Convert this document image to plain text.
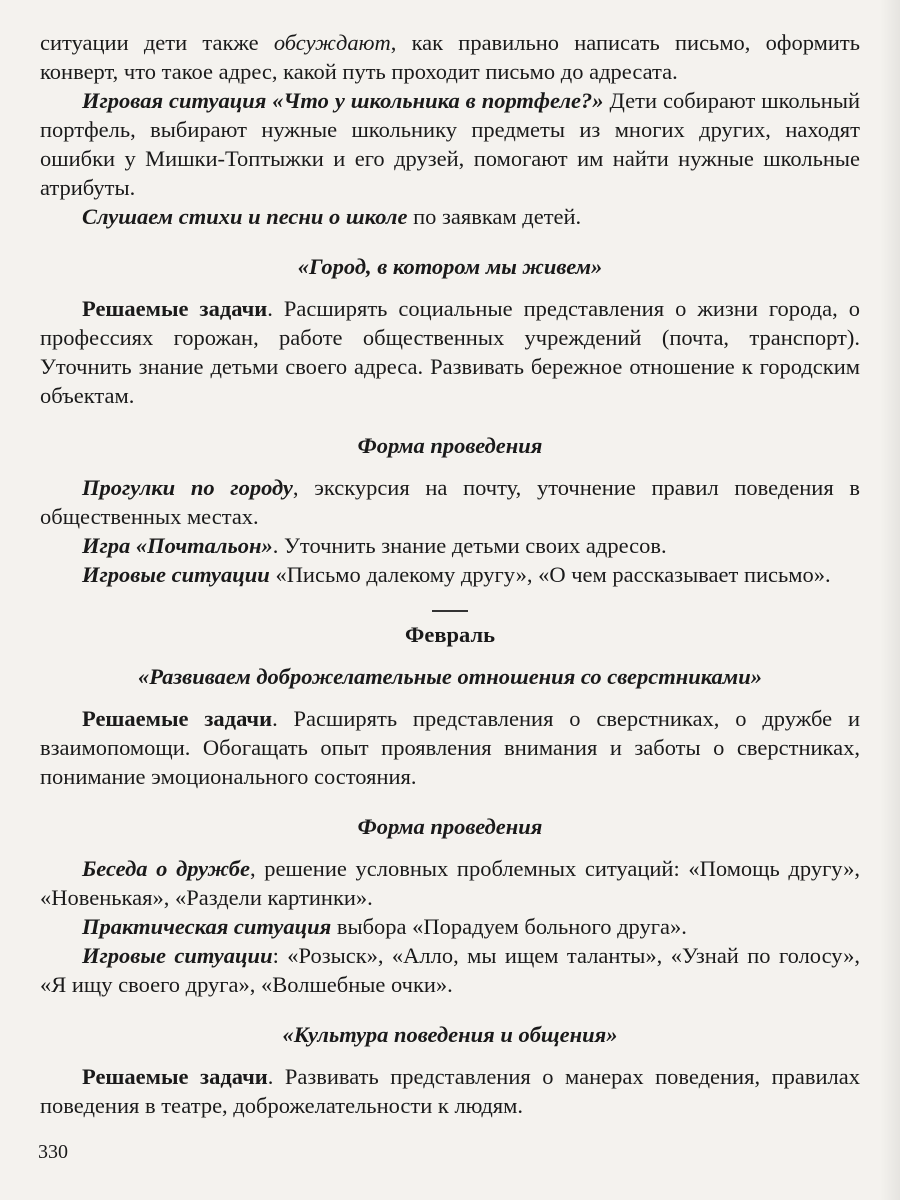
ситуации дети также обсуждают, как правильно написать письмо, оформить конверт, что такое адрес, какой путь проходит письмо до адресата.

Игровая ситуация «Что у школьника в портфеле?» Дети собирают школьный портфель, выбирают нужные школьнику предметы из многих других, находят ошибки у Мишки-Топтыжки и его друзей, помогают им найти нужные школьные атрибуты.

Слушаем стихи и песни о школе по заявкам детей.

«Город, в котором мы живем»

Решаемые задачи. Расширять социальные представления о жизни города, о профессиях горожан, работе общественных учреждений (почта, транспорт). Уточнить знание детьми своего адреса. Развивать бережное отношение к городским объектам.

Форма проведения

Прогулки по городу, экскурсия на почту, уточнение правил поведения в общественных местах.

Игра «Почтальон». Уточнить знание детьми своих адресов.

Игровые ситуации «Письмо далекому другу», «О чем рассказывает письмо».

Февраль
«Развиваем доброжелательные отношения со сверстниками»

Решаемые задачи. Расширять представления о сверстниках, о дружбе и взаимопомощи. Обогащать опыт проявления внимания и заботы о сверстниках, понимание эмоционального состояния.

Форма проведения

Беседа о дружбе, решение условных проблемных ситуаций: «Помощь другу», «Новенькая», «Раздели картинки».

Практическая ситуация выбора «Порадуем больного друга».

Игровые ситуации: «Розыск», «Алло, мы ищем таланты», «Узнай по голосу», «Я ищу своего друга», «Волшебные очки».

«Культура поведения и общения»

Решаемые задачи. Развивать представления о манерах поведения, правилах поведения в театре, доброжелательности к людям.

330
